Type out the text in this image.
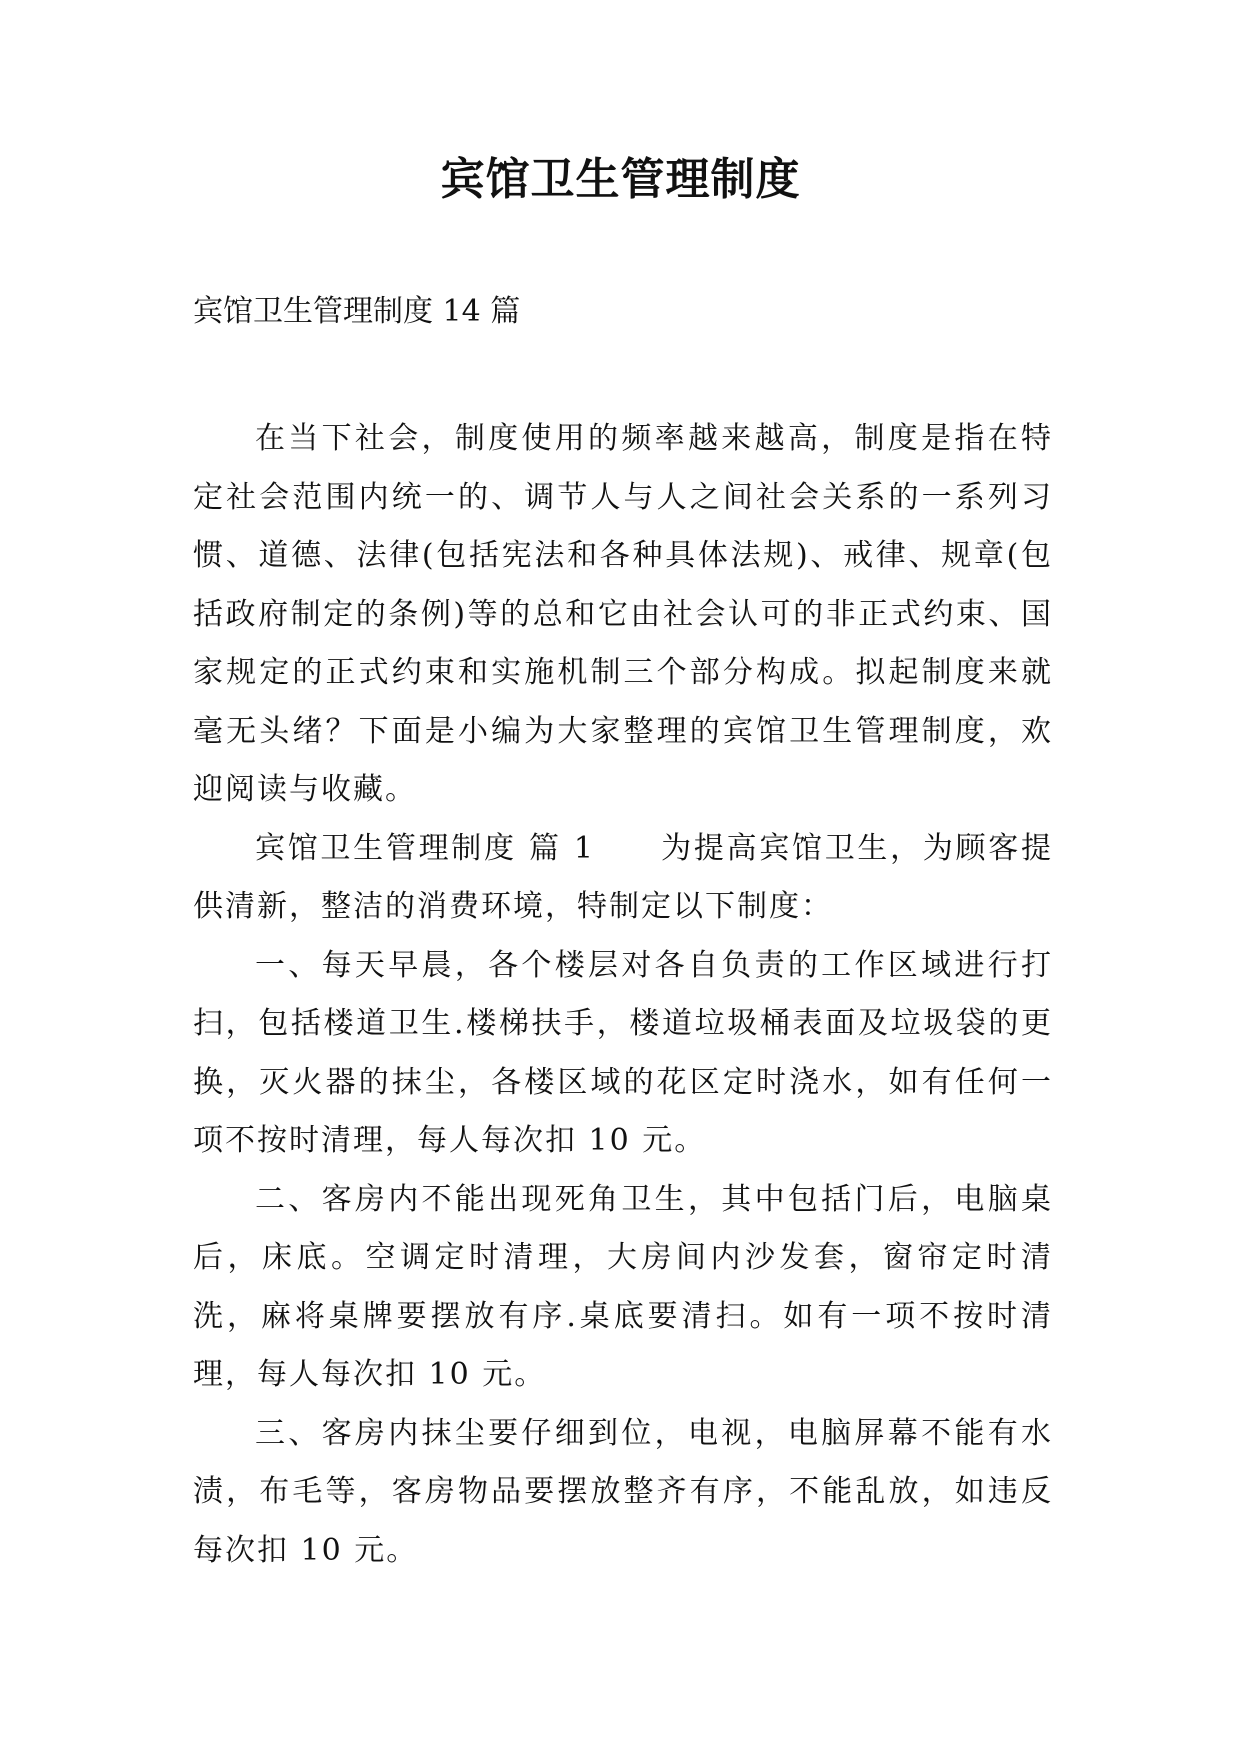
宾馆卫生管理制度

宾馆卫生管理制度 14 篇

在当下社会，制度使用的频率越来越高，制度是指在特定社会范围内统一的、调节人与人之间社会关系的一系列习惯、道德、法律(包括宪法和各种具体法规)、戒律、规章(包括政府制定的条例)等的总和它由社会认可的非正式约束、国家规定的正式约束和实施机制三个部分构成。拟起制度来就毫无头绪？下面是小编为大家整理的宾馆卫生管理制度，欢迎阅读与收藏。

宾馆卫生管理制度 篇 1　　为提高宾馆卫生，为顾客提供清新，整洁的消费环境，特制定以下制度：

一、每天早晨，各个楼层对各自负责的工作区域进行打扫，包括楼道卫生.楼梯扶手，楼道垃圾桶表面及垃圾袋的更换，灭火器的抹尘，各楼区域的花区定时浇水，如有任何一项不按时清理，每人每次扣 10 元。

二、客房内不能出现死角卫生，其中包括门后，电脑桌后，床底。空调定时清理，大房间内沙发套，窗帘定时清洗，麻将桌牌要摆放有序.桌底要清扫。如有一项不按时清理，每人每次扣 10 元。

三、客房内抹尘要仔细到位，电视，电脑屏幕不能有水渍，布毛等，客房物品要摆放整齐有序，不能乱放，如违反每次扣 10 元。
